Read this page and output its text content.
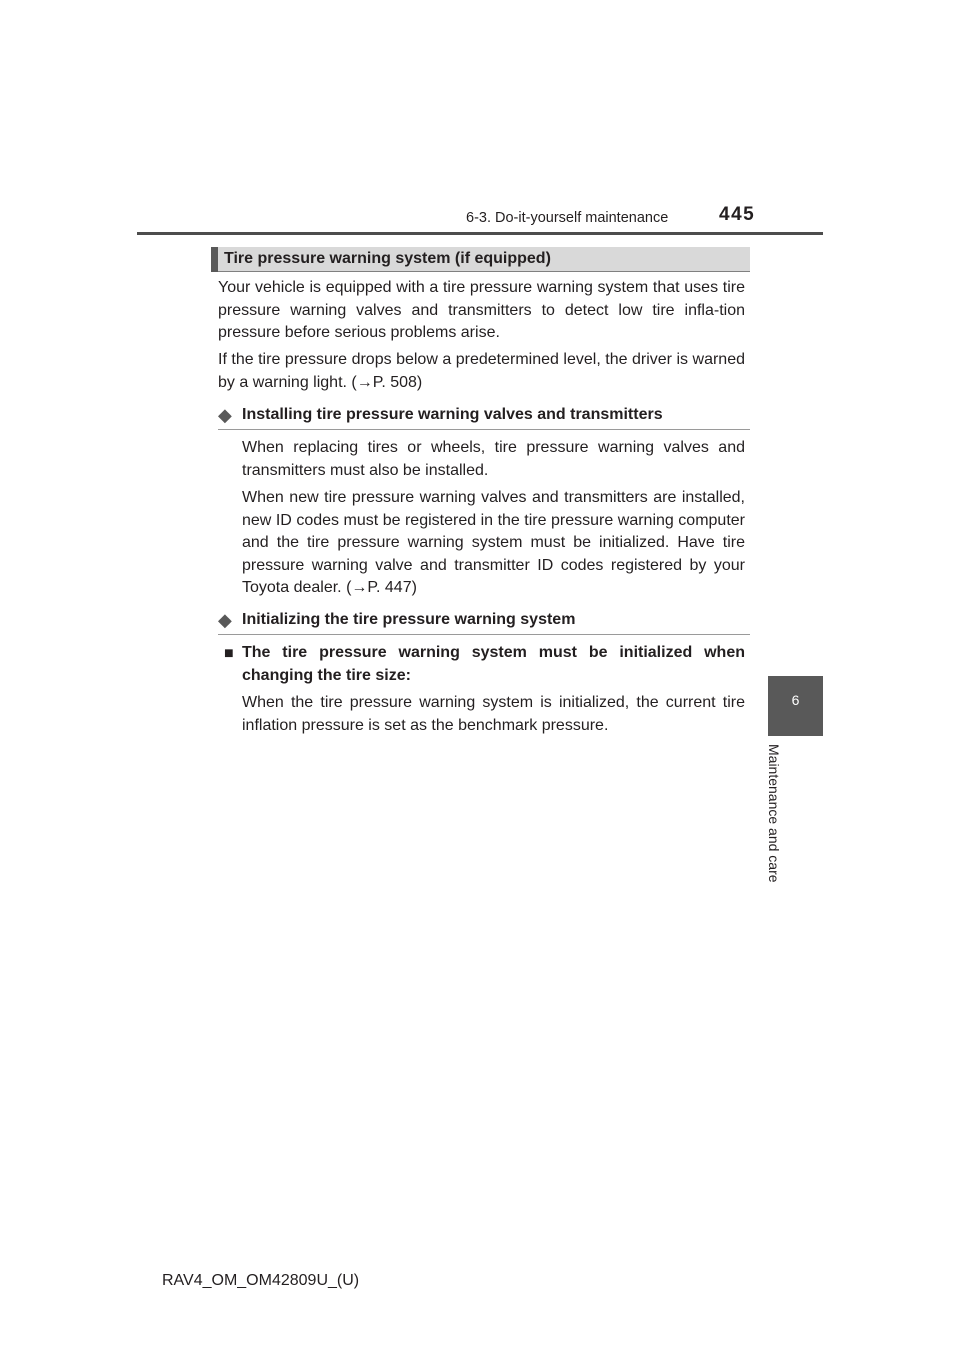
6-3. Do-it-yourself maintenance	445
6
Maintenance and care
Tire pressure warning system (if equipped)

Your vehicle is equipped with a tire pressure warning system that uses tire pressure warning valves and transmitters to detect low tire infla-tion pressure before serious problems arise.

If the tire pressure drops below a predetermined level, the driver is warned by a warning light. (→P. 508)

◆ Installing tire pressure warning valves and transmitters

When replacing tires or wheels, tire pressure warning valves and transmitters must also be installed.

When new tire pressure warning valves and transmitters are installed, new ID codes must be registered in the tire pressure warning computer and the tire pressure warning system must be initialized. Have tire pressure warning valve and transmitter ID codes registered by your Toyota dealer. (→P. 447)

◆ Initializing the tire pressure warning system
■ The tire pressure warning system must be initialized when changing the tire size:

When the tire pressure warning system is initialized, the current tire inflation pressure is set as the benchmark pressure.

RAV4_OM_OM42809U_(U)
